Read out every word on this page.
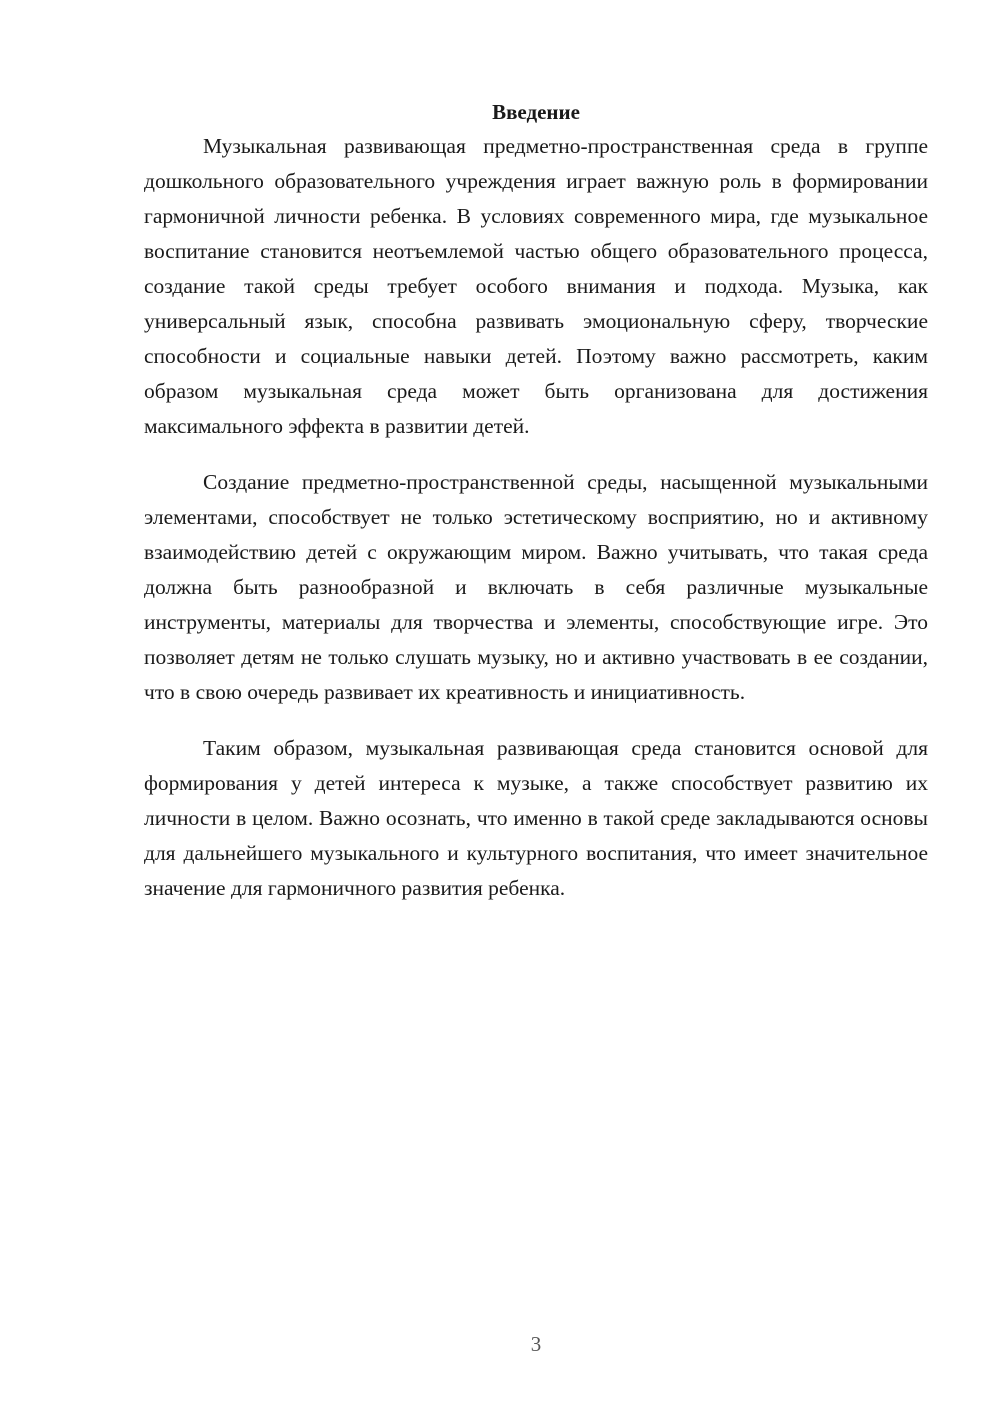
Введение

Музыкальная развивающая предметно-пространственная среда в группе дошкольного образовательного учреждения играет важную роль в формировании гармоничной личности ребенка. В условиях современного мира, где музыкальное воспитание становится неотъемлемой частью общего образовательного процесса, создание такой среды требует особого внимания и подхода. Музыка, как универсальный язык, способна развивать эмоциональную сферу, творческие способности и социальные навыки детей. Поэтому важно рассмотреть, каким образом музыкальная среда может быть организована для достижения максимального эффекта в развитии детей.

Создание предметно-пространственной среды, насыщенной музыкальными элементами, способствует не только эстетическому восприятию, но и активному взаимодействию детей с окружающим миром. Важно учитывать, что такая среда должна быть разнообразной и включать в себя различные музыкальные инструменты, материалы для творчества и элементы, способствующие игре. Это позволяет детям не только слушать музыку, но и активно участвовать в ее создании, что в свою очередь развивает их креативность и инициативность.

Таким образом, музыкальная развивающая среда становится основой для формирования у детей интереса к музыке, а также способствует развитию их личности в целом. Важно осознать, что именно в такой среде закладываются основы для дальнейшего музыкального и культурного воспитания, что имеет значительное значение для гармоничного развития ребенка.

3
